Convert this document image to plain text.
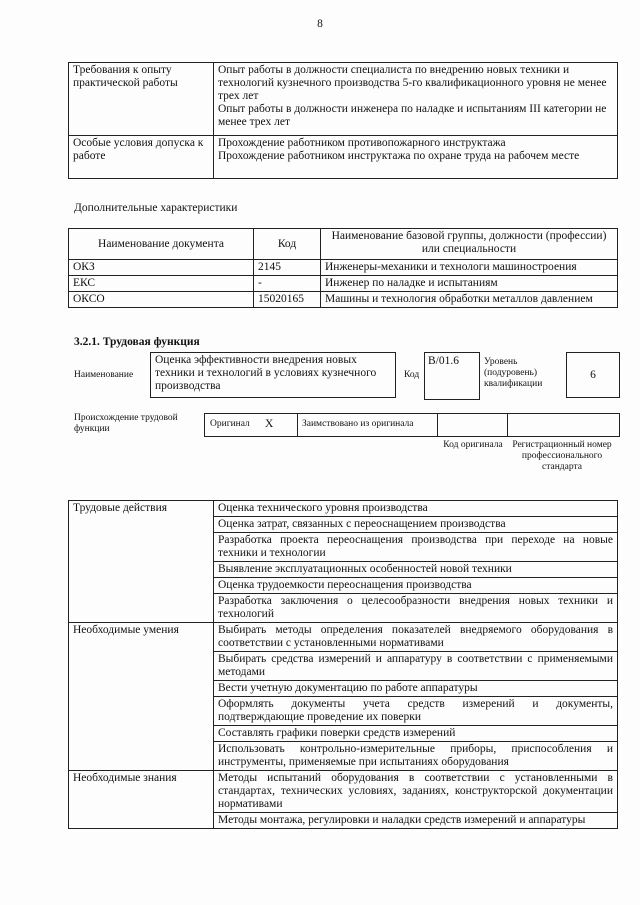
8
Требования к опыту практической работы	Опыт работы в должности специалиста по внедрению новых техники и технологий кузнечного производства 5-го квалификационного уровня не менее трех лет
Опыт работы в должности инженера по наладке и испытаниям III категории не менее трех лет

Особые условия допуска к работе	Прохождение работником противопожарного инструктажа
Прохождение работником инструктажа по охране труда на рабочем месте
Дополнительные характеристики
Наименование документа	Код	Наименование базовой группы, должности (профессии) или специальности
ОКЗ	2145	Инженеры-механики и технологи машиностроения
ЕКС	-	Инженер по наладке и испытаниям
ОКСО	15020165	Машины и технология обработки металлов давлением
3.2.1. Трудовая функция
Наименование
Оценка эффективности внедрения новых техники и технологий в условиях кузнечного производства
Код
B/01.6	Уровень (подуровень) квалификации
6
Происхождение трудовой функции	Оригинал X	Заимствовано из оригинала
Код оригинала	Регистрационный номер профессионального стандарта
Трудовые действия	Оценка технического уровня производства
	Оценка затрат, связанных с переоснащением производства
	Разработка проекта переоснащения производства при переходе на новые техники и технологии
	Выявление эксплуатационных особенностей новой техники
	Оценка трудоемкости переоснащения производства
	Разработка заключения о целесообразности внедрения новых техники и технологий
Необходимые умения	Выбирать методы определения показателей внедряемого оборудования в соответствии с установленными нормативами
	Выбирать средства измерений и аппаратуру в соответствии с применяемыми методами
	Вести учетную документацию по работе аппаратуры
	Оформлять документы учета средств измерений и документы, подтверждающие проведение их поверки
	Составлять графики поверки средств измерений
	Использовать контрольно-измерительные приборы, приспособления и инструменты, применяемые при испытаниях оборудования
Необходимые знания	Методы испытаний оборудования в соответствии с установленными в стандартах, технических условиях, заданиях, конструкторской документации нормативами
	Методы монтажа, регулировки и наладки средств измерений и аппаратуры
